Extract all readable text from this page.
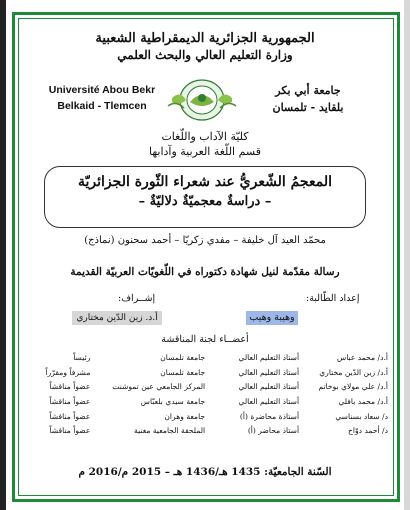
الجمهورية الجزائرية الديمقراطية الشعبية
وزارة التعليم العالي والبحث العلمي
Université Abou Bekr
Belkaid - Tlemcen
جامعة أبي بكر
بلقايد - تلمسان
كليّة الآداب واللّغات
قسم اللّغة العربية وآدابها
المعجمُ الشّعريُّ عند شعراء الثّورة الجزائريّة
– دراسةٌ معجميّةٌ دلاليّةٌ –
محمّد العيد آل خليفة – مفدي زكريّا – أحمد سحنون (نماذج)
رسالة مقدّمة لنيل شهادة دكتوراه في اللّغويّات العربيّة القديمة
إعداد الطّالبة:
وهيبة وهيب
إشــراف:
أ.د. زين الدّين مختاري
أعضــاء لجنة المناقشة
أ.د/ محمد عباس	أستاذ التعليم العالي	جامعة تلمسان	رئيساً
أ.د/ زين الدّين مختاري	أستاذ التعليم العالي	جامعة تلمسان	مشرفاً ومقرّراً
أ.د/ علي مولاي بوخاتم	أستاذ التعليم العالي	المركز الجامعي عين تموشنت	عضواً مناقشاً
أ.د/ محمد بافلي	أستاذ التعليم العالي	جامعة سيدي بلعبّاس	عضواً مناقشاً
د/ سعاد بسناسي	أستاذة محاضرة (أ)	جامعة وهران	عضواً مناقشاً
د/ أحمد دوّاح	أستاذ محاضر (أ)	الملحقة الجامعية مغنية	عضواً مناقشاً
السّنة الجامعيّة: 1435 هـ/1436 هـ – 2015 م/2016 م
